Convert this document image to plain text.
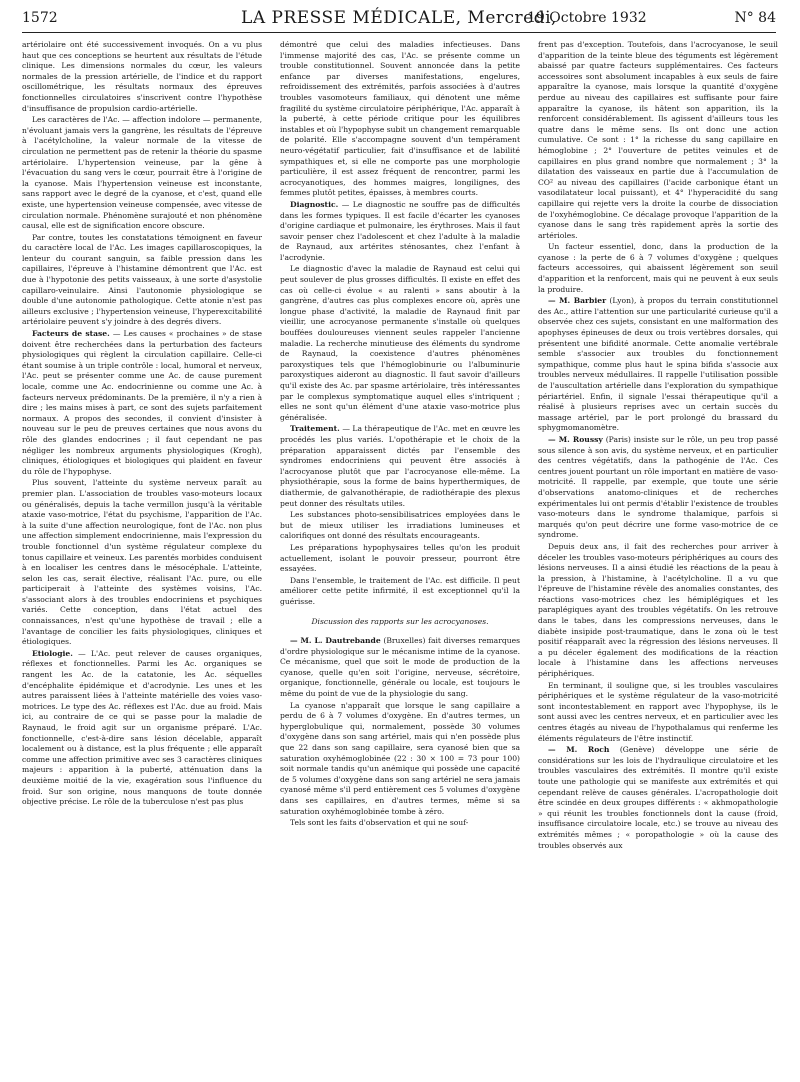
1572	LA PRESSE MÉDICALE, Mercredi,
19 Octobre 1932	N° 84

artériolaire ont été successivement invoqués. On a vu plus haut que ces conceptions se heurtent aux résultats de l'étude clinique. Les dimensions normales du cœur, les valeurs normales de la pression artérielle, de l'indice et du rapport oscillométrique, les résultats normaux des épreuves fonctionnelles circulatoires s'inscrivent contre l'hypothèse d'insuffisance de propulsion cardio-artérielle.

Les caractères de l'Ac. — affection indolore — permanente, n'évoluant jamais vers la gangrène, les résultats de l'épreuve à l'acétylcholine, la valeur normale de la vitesse de circulation ne permettent pas de retenir la théorie du spasme artériolaire. L'hypertension veineuse, par la gêne à l'évacuation du sang vers le cœur, pourrait être à l'origine de la cyanose. Mais l'hypertension veineuse est inconstante, sans rapport avec le degré de la cyanose, et c'est, quand elle existe, une hypertension veineuse compensée, avec vitesse de circulation normale. Phénomène surajouté et non phénomène causal, elle est de signification encore obscure.

Par contre, toutes les constatations témoignent en faveur du caractère local de l'Ac. Les images capillaroscopiques, la lenteur du courant sanguin, sa faible pression dans les capillaires, l'épreuve à l'histamine démontrent que l'Ac. est due à l'hypotonie des petits vaisseaux, à une sorte d'asystolie capillaro-veinulaire. Ainsi l'autonomie physiologique se double d'une autonomie pathologique. Cette atonie n'est pas ailleurs exclusive ; l'hypertension veineuse, l'hyperexcitabilité artériolaire peuvent s'y joindre à des degrés divers.

Facteurs de stase. — Les causes « prochaines » de stase doivent être recherchées dans la perturbation des facteurs physiologiques qui règlent la circulation capillaire. Celle-ci étant soumise à un triple contrôle : local, humoral et nerveux, l'Ac. peut se présenter comme une Ac. de cause purement locale, comme une Ac. endocrinienne ou comme une Ac. à facteurs nerveux prédominants. De la première, il n'y a rien à dire ; les mains mises à part, ce sont des sujets parfaitement normaux. A propos des secondes, il convient d'insister à nouveau sur le peu de preuves certaines que nous avons du rôle des glandes endocrines ; il faut cependant ne pas négliger les nombreux arguments physiologiques (Krogh), cliniques, étiologiques et biologiques qui plaident en faveur du rôle de l'hypophyse.

Plus souvent, l'atteinte du système nerveux paraît au premier plan. L'association de troubles vaso-moteurs locaux ou généralisés, depuis la tache vermillon jusqu'à la véritable ataxie vaso-motrice, l'état du psychisme, l'apparition de l'Ac. à la suite d'une affection neurologique, font de l'Ac. non plus une affection simplement endocrinienne, mais l'expression du trouble fonctionnel d'un système régulateur complexe du tonus capillaire et veineux. Les parentés morbides conduisent à en localiser les centres dans le mésocéphale. L'atteinte, selon les cas, serait élective, réalisant l'Ac. pure, ou elle participerait à l'atteinte des systèmes voisins, l'Ac. s'associant alors à des troubles endocriniens et psychiques variés. Cette conception, dans l'état actuel des connaissances, n'est qu'une hypothèse de travail ; elle a l'avantage de concilier les faits physiologiques, cliniques et étiologiques.

Etiologie. — L'Ac. peut relever de causes organiques, réflexes et fonctionnelles. Parmi les Ac. organiques se rangent les Ac. de la catatonie, les Ac. séquelles d'encéphalite épidémique et d'acrodynie. Les unes et les autres paraissent liées à l'atteinte matérielle des voies vaso-motrices. Le type des Ac. réflexes est l'Ac. due au froid. Mais ici, au contraire de ce qui se passe pour la maladie de Raynaud, le froid agit sur un organisme préparé. L'Ac. fonctionnelle, c'est-à-dire sans lésion décelable, apparaît localement ou à distance, est la plus fréquente ; elle apparaît comme une affection primitive avec ses 3 caractères cliniques majeurs : apparition à la puberté, atténuation dans la deuxième moitié de la vie, exagération sous l'influence du froid. Sur son origine, nous manquons de toute donnée objective précise. Le rôle de la tuberculose n'est pas plus

démontré que celui des maladies infectieuses. Dans l'immense majorité des cas, l'Ac. se présente comme un trouble constitutionnel. Souvent annoncée dans la petite enfance par diverses manifestations, engelures, refroidissement des extrémités, parfois associées à d'autres troubles vasomoteurs familiaux, qui dénotent une même fragilité du système circulatoire périphérique, l'Ac. apparaît à la puberté, à cette période critique pour les équilibres instables et où l'hypophyse subit un changement remarquable de polarité. Elle s'accompagne souvent d'un tempérament neuro-végétatif particulier, fait d'insuffisance et de labilité sympathiques et, si elle ne comporte pas une morphologie particulière, il est assez fréquent de rencontrer, parmi les acrocyanotiques, des hommes maigres, longilignes, des femmes plutôt petites, épaisses, à membres courts.

Diagnostic. — Le diagnostic ne souffre pas de difficultés dans les formes typiques. Il est facile d'écarter les cyanoses d'origine cardiaque et pulmonaire, les érythroses. Mais il faut savoir penser chez l'adolescent et chez l'adulte à la maladie de Raynaud, aux artérites sténosantes, chez l'enfant à l'acrodynie.

Le diagnostic d'avec la maladie de Raynaud est celui qui peut soulever de plus grosses difficultés. Il existe en effet des cas où celle-ci évolue « au ralenti » sans aboutir à la gangrène, d'autres cas plus complexes encore où, après une longue phase d'activité, la maladie de Raynaud finit par vieillir, une acrocyanose permanente s'installe où quelques bouffées douloureuses viennent seules rappeler l'ancienne maladie. La recherche minutieuse des éléments du syndrome de Raynaud, la coexistence d'autres phénomènes paroxystiques tels que l'hémoglobinurie ou l'albuminurie paroxystiques aideront au diagnostic. Il faut savoir d'ailleurs qu'il existe des Ac. par spasme artériolaire, très intéressantes par le complexus symptomatique auquel elles s'intriquent ; elles ne sont qu'un élément d'une ataxie vaso-motrice plus généralisée.

Traitement. — La thérapeutique de l'Ac. met en œuvre les procédés les plus variés. L'opothérapie et le choix de la préparation apparaissent dictés par l'ensemble des syndromes endocriniens qui peuvent être associés à l'acrocyanose plutôt que par l'acrocyanose elle-même. La physiothérapie, sous la forme de bains hyperthermiques, de diathermie, de galvanothérapie, de radiothérapie des plexus peut donner des résultats utiles.

Les substances photo-sensibilisatrices employées dans le but de mieux utiliser les irradiations lumineuses et calorifiques ont donné des résultats encourageants.

Les préparations hypophysaires telles qu'on les produit actuellement, isolant le pouvoir presseur, pourront être essayées.

Dans l'ensemble, le traitement de l'Ac. est difficile. Il peut améliorer cette petite infirmité, il est exceptionnel qu'il la guérisse.

Discussion des rapports sur les acrocyanoses.

— M. L. Dautrebande (Bruxelles) fait diverses remarques d'ordre physiologique sur le mécanisme intime de la cyanose. Ce mécanisme, quel que soit le mode de production de la cyanose, quelle qu'en soit l'origine, nerveuse, sécrétoire, organique, fonctionnelle, générale ou locale, est toujours le même du point de vue de la physiologie du sang.

La cyanose n'apparaît que lorsque le sang capillaire a perdu de 6 à 7 volumes d'oxygène. En d'autres termes, un hyperglobulique qui, normalement, possède 30 volumes d'oxygène dans son sang artériel, mais qui n'en possède plus que 22 dans son sang capillaire, sera cyanosé bien que sa saturation oxyhémoglobinée (22 : 30 × 100 = 73 pour 100) soit normale tandis qu'un anémique qui possède une capacité de 5 volumes d'oxygène dans son sang artériel ne sera jamais cyanosé même s'il perd entièrement ces 5 volumes d'oxygène dans ses capillaires, en d'autres termes, même si sa saturation oxyhémoglobinée tombe à zéro.

Tels sont les faits d'observation et qui ne souf-

frent pas d'exception. Toutefois, dans l'acrocyanose, le seuil d'apparition de la teinte bleue des téguments est légèrement abaissé par quatre facteurs supplémentaires. Ces facteurs accessoires sont absolument incapables à eux seuls de faire apparaître la cyanose, mais lorsque la quantité d'oxygène perdue au niveau des capillaires est suffisante pour faire apparaître la cyanose, ils hâtent son apparition, ils la renforcent considérablement. Ils agissent d'ailleurs tous les quatre dans le même sens. Ils ont donc une action cumulative. Ce sont : 1° la richesse du sang capillaire en hémoglobine ; 2° l'ouverture de petites veinules et de capillaires en plus grand nombre que normalement ; 3° la dilatation des vaisseaux en partie due à l'accumulation de CO² au niveau des capillaires (l'acide carbonique étant un vasodilatateur local puissant), et 4° l'hyperacidité du sang capillaire qui rejette vers la droite la courbe de dissociation de l'oxyhémoglobine. Ce décalage provoque l'apparition de la cyanose dans le sang très rapidement après la sortie des artérioles.

Un facteur essentiel, donc, dans la production de la cyanose : la perte de 6 à 7 volumes d'oxygène ; quelques facteurs accessoires, qui abaissent légèrement son seuil d'apparition et la renforcent, mais qui ne peuvent à eux seuls la produire.

— M. Barbier (Lyon), à propos du terrain constitutionnel des Ac., attire l'attention sur une particularité curieuse qu'il a observée chez ces sujets, consistant en une malformation des apophyses épineuses de deux ou trois vertèbres dorsales, qui présentent une bifidité anormale. Cette anomalie vertébrale semble s'associer aux troubles du fonctionnement sympathique, comme plus haut le spina bifida s'associe aux troubles nerveux médullaires. Il rappelle l'utilisation possible de l'auscultation artérielle dans l'exploration du sympathique périartériel. Enfin, il signale l'essai thérapeutique qu'il a réalisé à plusieurs reprises avec un certain succès du massage artériel, par le port prolongé du brassard du sphygmomanomètre.

— M. Roussy (Paris) insiste sur le rôle, un peu trop passé sous silence à son avis, du système nerveux, et en particulier des centres végétatifs, dans la pathogénie de l'Ac. Ces centres jouent pourtant un rôle important en matière de vaso-motricité. Il rappelle, par exemple, que toute une série d'observations anatomo-cliniques et de recherches expérimentales lui ont permis d'établir l'existence de troubles vaso-moteurs dans le syndrome thalamique, parfois si marqués qu'on peut décrire une forme vaso-motrice de ce syndrome.

Depuis deux ans, il fait des recherches pour arriver à déceler les troubles vaso-moteurs périphériques au cours des lésions nerveuses. Il a ainsi étudié les réactions de la peau à la pression, à l'histamine, à l'acétylcholine. Il a vu que l'épreuve de l'histamine révèle des anomalies constantes, des réactions vaso-motrices chez les hémiplégiques et les paraplégiques ayant des troubles végétatifs. On les retrouve dans le tabes, dans les compressions nerveuses, dans le diabète insipide post-traumatique, dans le zona où le test positif réapparaît avec la régression des lésions nerveuses. Il a pu déceler également des modifications de la réaction locale à l'histamine dans les affections nerveuses périphériques.

En terminant, il souligne que, si les troubles vasculaires périphériques et le système régulateur de la vaso-motricité sont incontestablement en rapport avec l'hypophyse, ils le sont aussi avec les centres nerveux, et en particulier avec les centres étagés au niveau de l'hypothalamus qui renferme les éléments régulateurs de l'être instinctif.

— M. Roch (Genève) développe une série de considérations sur les lois de l'hydraulique circulatoire et les troubles vasculaires des extrémités. Il montre qu'il existe toute une pathologie qui se manifeste aux extrémités et qui cependant relève de causes générales. L'acropathologie doit être scindée en deux groupes différents : « akhmopathologie » qui réunit les troubles fonctionnels dont la cause (froid, insuffisance circulatoire locale, etc.) se trouve au niveau des extrémités mêmes ; « poropathologie » où la cause des troubles observés aux
